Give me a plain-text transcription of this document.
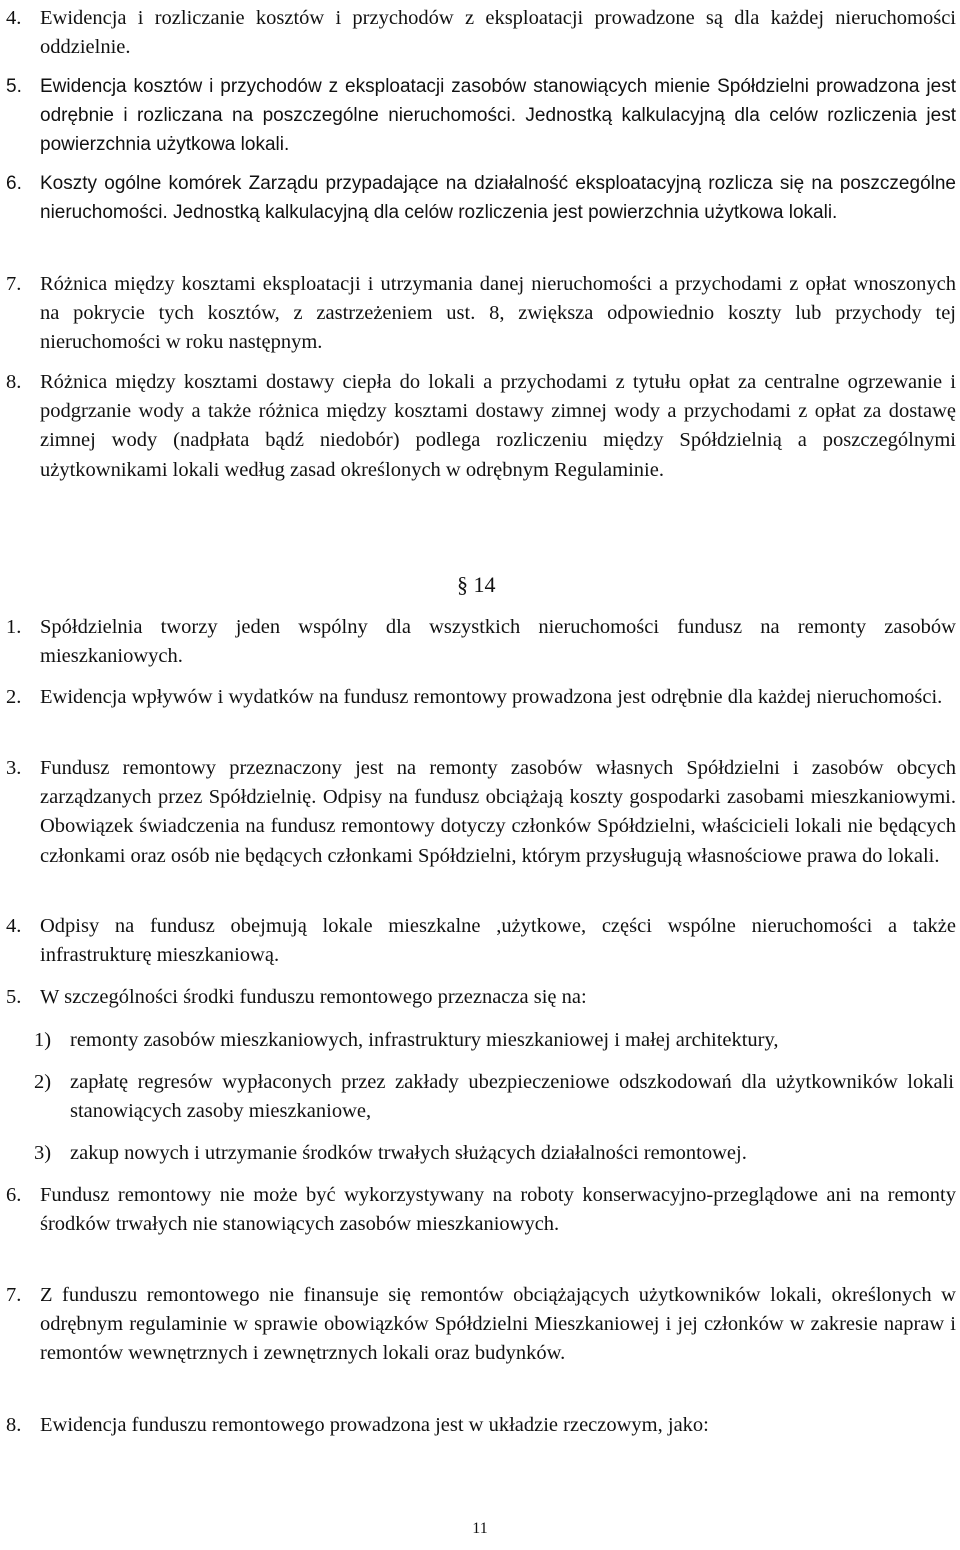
4. Ewidencja i rozliczanie kosztów i przychodów z eksploatacji prowadzone są dla każdej nieruchomości oddzielnie.
5. Ewidencja kosztów i przychodów z eksploatacji zasobów stanowiących mienie Spółdzielni prowadzona jest odrębnie i rozliczana na poszczególne nieruchomości. Jednostką kalkulacyjną dla celów rozliczenia jest powierzchnia użytkowa lokali.
6. Koszty ogólne komórek Zarządu przypadające na działalność eksploatacyjną rozlicza się na poszczególne nieruchomości. Jednostką kalkulacyjną dla celów rozliczenia jest powierzchnia użytkowa lokali.
7. Różnica między kosztami eksploatacji i utrzymania danej nieruchomości a przychodami z opłat wnoszonych na pokrycie tych kosztów, z zastrzeżeniem ust. 8, zwiększa odpowiednio koszty lub przychody tej nieruchomości w roku następnym.
8. Różnica między kosztami dostawy ciepła do lokali a przychodami z tytułu opłat za centralne ogrzewanie i podgrzanie wody a także różnica między kosztami dostawy zimnej wody a przychodami z opłat za dostawę zimnej wody (nadpłata bądź niedobór) podlega rozliczeniu między Spółdzielnią a poszczególnymi użytkownikami lokali według zasad określonych w odrębnym Regulaminie.
§ 14
1. Spółdzielnia tworzy jeden wspólny dla wszystkich nieruchomości fundusz na remonty zasobów mieszkaniowych.
2. Ewidencja wpływów i wydatków na fundusz remontowy prowadzona jest odrębnie dla każdej nieruchomości.
3. Fundusz remontowy przeznaczony jest na remonty zasobów własnych Spółdzielni i zasobów obcych zarządzanych przez Spółdzielnię. Odpisy na fundusz obciążają koszty gospodarki zasobami mieszkaniowymi. Obowiązek świadczenia na fundusz remontowy dotyczy członków Spółdzielni, właścicieli lokali nie będących członkami oraz osób nie będących członkami Spółdzielni, którym przysługują własnościowe prawa do lokali.
4. Odpisy na fundusz obejmują lokale mieszkalne ,użytkowe, części wspólne nieruchomości a także infrastrukturę mieszkaniową.
5. W szczególności środki funduszu remontowego przeznacza się na:
1) remonty zasobów mieszkaniowych, infrastruktury mieszkaniowej i małej architektury,
2) zapłatę regresów wypłaconych przez zakłady ubezpieczeniowe odszkodowań dla użytkowników lokali stanowiących zasoby mieszkaniowe,
3) zakup nowych i utrzymanie środków trwałych służących działalności remontowej.
6. Fundusz remontowy nie może być wykorzystywany na roboty konserwacyjno-przeglądowe ani na remonty środków trwałych nie stanowiących zasobów mieszkaniowych.
7. Z funduszu remontowego nie finansuje się remontów obciążających użytkowników lokali, określonych w odrębnym regulaminie w sprawie obowiązków Spółdzielni Mieszkaniowej i jej członków w zakresie napraw i remontów wewnętrznych i zewnętrznych lokali oraz budynków.
8. Ewidencja funduszu remontowego prowadzona jest w układzie rzeczowym, jako:
11
